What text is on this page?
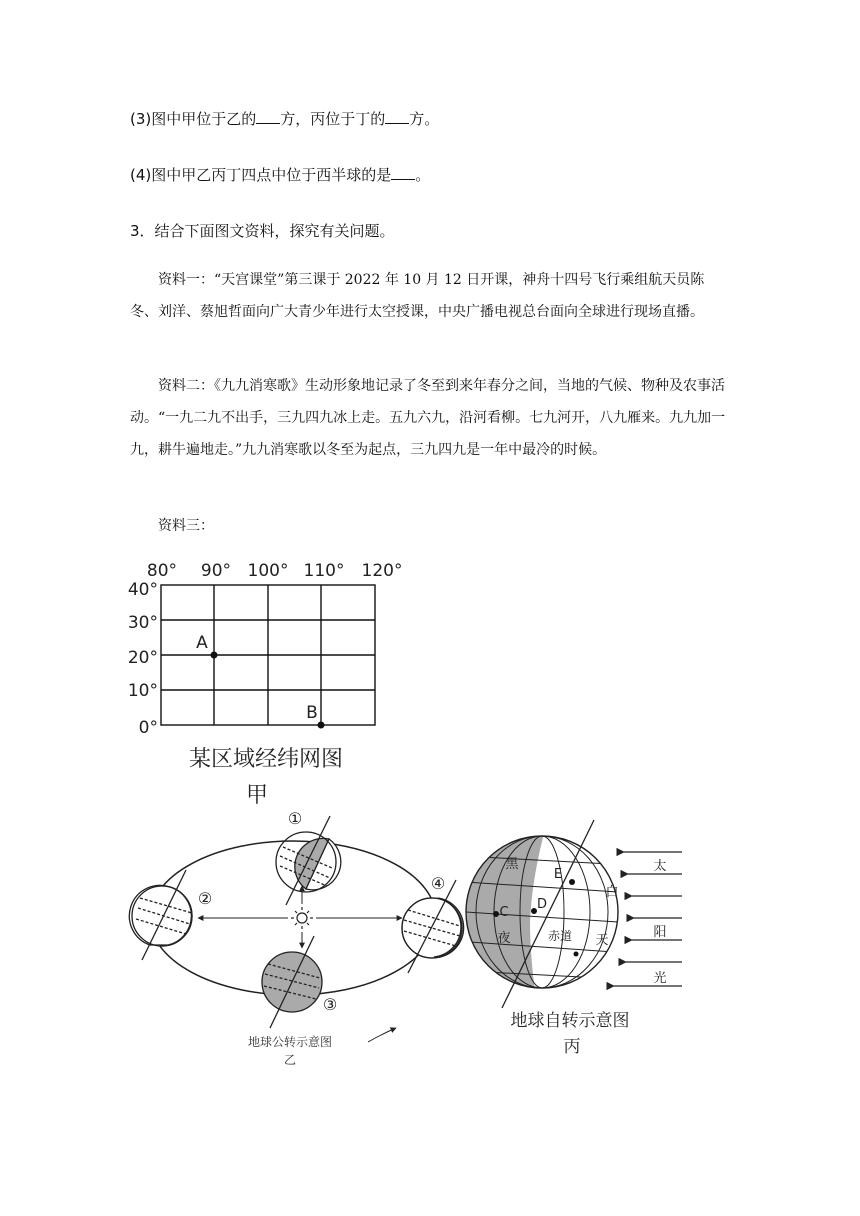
(3)图中甲位于乙的 方，丙位于丁的 方。
(4)图中甲乙丙丁四点中位于西半球的是 。
3．结合下面图文资料，探究有关问题。
资料一：“天宫课堂”第三课于 2022 年 10 月 12 日开课，神舟十四号飞行乘组航天员陈冬、刘洋、蔡旭哲面向广大青少年进行太空授课，中央广播电视总台面向全球进行现场直播。
资料二：《九九消寒歌》生动形象地记录了冬至到来年春分之间，当地的气候、物种及农事活动。“一九二九不出手，三九四九冰上走。五九六九，沿河看柳。七九河开，八九雁来。九九加一九，耕牛遍地走。”九九消寒歌以冬至为起点，三九四九是一年中最冷的时候。
资料三：
80° 90° 100° 110° 120°
40°
30°
20°
10°
0°
A
B
某区域经纬网图
甲
①
②
③
④
地球公转示意图
乙
黑
夜
白
天
赤道
C
D
E
太
阳
光
地球自转示意图
丙
